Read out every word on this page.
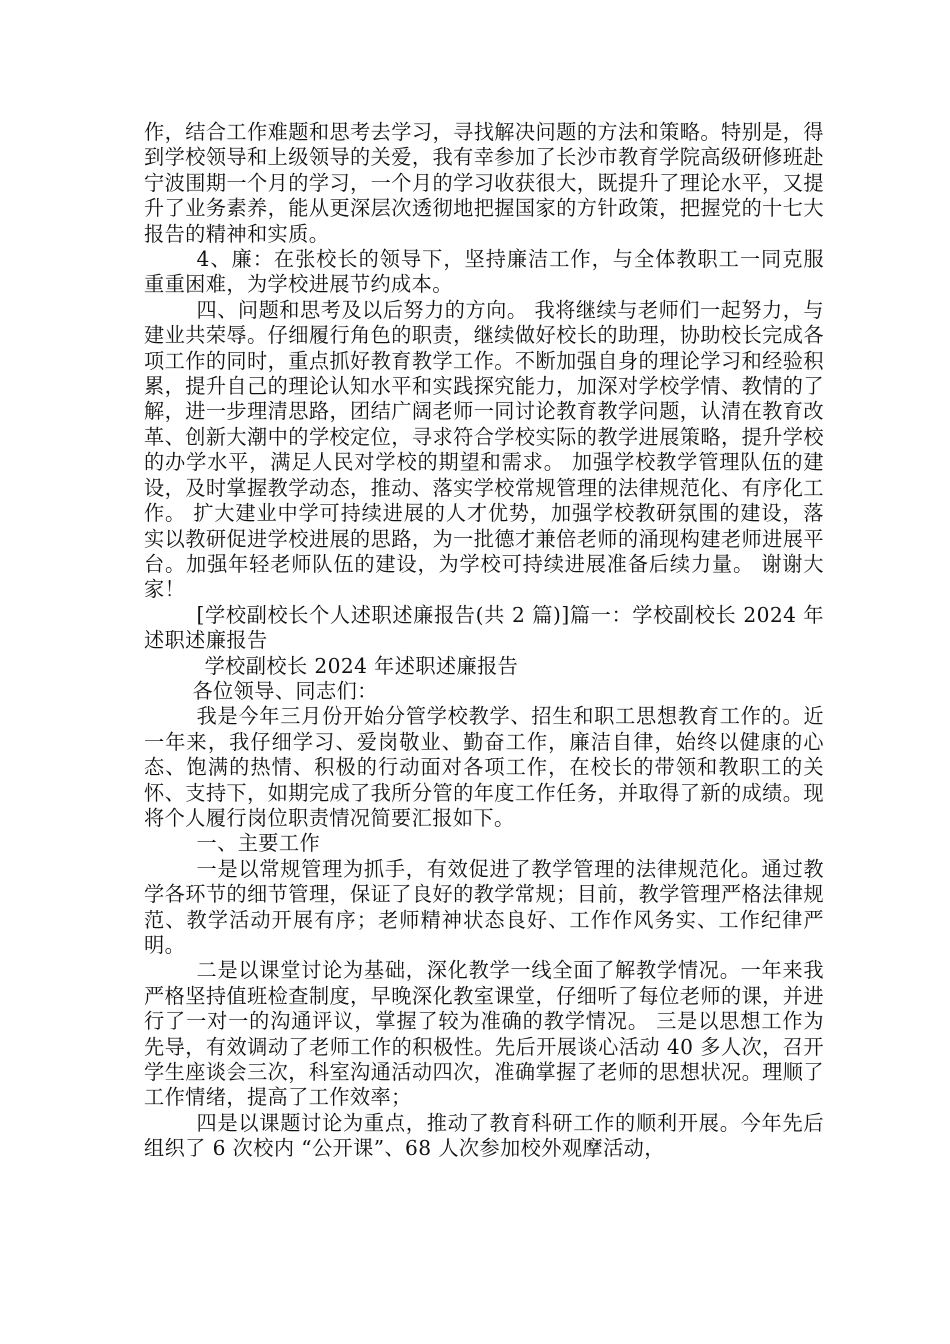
作，结合工作难题和思考去学习，寻找解决问题的方法和策略。特别是，得到学校领导和上级领导的关爱，我有幸参加了长沙市教育学院高级研修班赴宁波围期一个月的学习，一个月的学习收获很大，既提升了理论水平，又提升了业务素养，能从更深层次透彻地把握国家的方针政策，把握党的十七大报告的精神和实质。

4、廉：在张校长的领导下，坚持廉洁工作，与全体教职工一同克服重重困难，为学校进展节约成本。

四、问题和思考及以后努力的方向。 我将继续与老师们一起努力，与建业共荣辱。仔细履行角色的职责，继续做好校长的助理，协助校长完成各项工作的同时，重点抓好教育教学工作。不断加强自身的理论学习和经验积累，提升自己的理论认知水平和实践探究能力，加深对学校学情、教情的了解，进一步理清思路，团结广阔老师一同讨论教育教学问题，认清在教育改革、创新大潮中的学校定位，寻求符合学校实际的教学进展策略，提升学校的办学水平，满足人民对学校的期望和需求。 加强学校教学管理队伍的建设，及时掌握教学动态，推动、落实学校常规管理的法律规范化、有序化工作。 扩大建业中学可持续进展的人才优势，加强学校教研氛围的建设，落实以教研促进学校进展的思路，为一批德才兼倍老师的涌现构建老师进展平台。加强年轻老师队伍的建设，为学校可持续进展准备后续力量。 谢谢大家！

[学校副校长个人述职述廉报告(共 2 篇)]篇一：学校副校长 2024 年述职述廉报告

学校副校长 2024 年述职述廉报告

各位领导、同志们：

我是今年三月份开始分管学校教学、招生和职工思想教育工作的。近一年来，我仔细学习、爱岗敬业、勤奋工作，廉洁自律，始终以健康的心态、饱满的热情、积极的行动面对各项工作，在校长的带领和教职工的关怀、支持下，如期完成了我所分管的年度工作任务，并取得了新的成绩。现将个人履行岗位职责情况简要汇报如下。

一、主要工作

一是以常规管理为抓手，有效促进了教学管理的法律规范化。通过教学各环节的细节管理，保证了良好的教学常规；目前，教学管理严格法律规范、教学活动开展有序；老师精神状态良好、工作作风务实、工作纪律严明。

二是以课堂讨论为基础，深化教学一线全面了解教学情况。一年来我严格坚持值班检查制度，早晚深化教室课堂，仔细听了每位老师的课，并进行了一对一的沟通评议，掌握了较为准确的教学情况。 三是以思想工作为先导，有效调动了老师工作的积极性。先后开展谈心活动 40 多人次，召开学生座谈会三次，科室沟通活动四次，准确掌握了老师的思想状况。理顺了工作情绪，提高了工作效率；

四是以课题讨论为重点，推动了教育科研工作的顺利开展。今年先后组织了 6 次校内 “公开课”、68 人次参加校外观摩活动，
